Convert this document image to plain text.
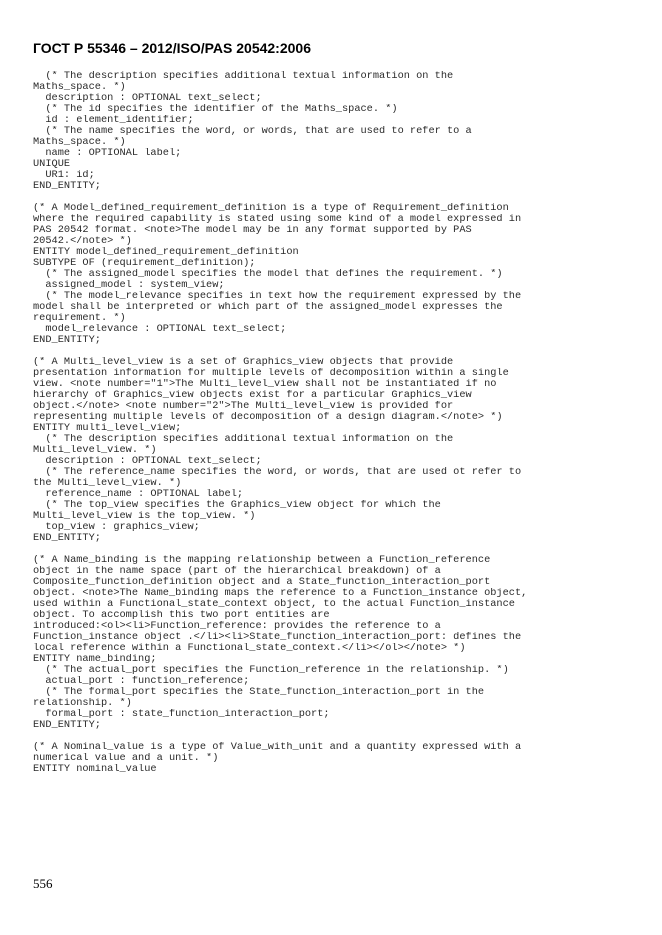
ГОСТ Р 55346 – 2012/ISO/PAS 20542:2006
(* The description specifies additional textual information on the
Maths_space. *)
description : OPTIONAL text_select;
(* The id specifies the identifier of the Maths_space. *)
id : element_identifier;
(* The name specifies the word, or words, that are used to refer to a
Maths_space. *)
name : OPTIONAL label;
UNIQUE
UR1: id;
END_ENTITY;
(* A Model_defined_requirement_definition is a type of Requirement_definition
where the required capability is stated using some kind of a model expressed in
PAS 20542 format. <note>The model may be in any format supported by PAS
20542.</note> *)
ENTITY model_defined_requirement_definition
SUBTYPE OF (requirement_definition);
(* The assigned_model specifies the model that defines the requirement. *)
assigned_model : system_view;
(* The model_relevance specifies in text how the requirement expressed by the
model shall be interpreted or which part of the assigned_model expresses the
requirement. *)
model_relevance : OPTIONAL text_select;
END_ENTITY;
(* A Multi_level_view is a set of Graphics_view objects that provide
presentation information for multiple levels of decomposition within a single
view. <note number="1">The Multi_level_view shall not be instantiated if no
hierarchy of Graphics_view objects exist for a particular Graphics_view
object.</note> <note number="2">The Multi_level_view is provided for
representing multiple levels of decomposition of a design diagram.</note> *)
ENTITY multi_level_view;
(* The description specifies additional textual information on the
Multi_level_view. *)
description : OPTIONAL text_select;
(* The reference_name specifies the word, or words, that are used ot refer to
the Multi_level_view. *)
reference_name : OPTIONAL label;
(* The top_view specifies the Graphics_view object for which the
Multi_level_view is the top_view. *)
top_view : graphics_view;
END_ENTITY;
(* A Name_binding is the mapping relationship between a Function_reference
object in the name space (part of the hierarchical breakdown) of a
Composite_function_definition object and a State_function_interaction_port
object. <note>The Name_binding maps the reference to a Function_instance object,
used within a Functional_state_context object, to the actual Function_instance
object. To accomplish this two port entities are
introduced:<ol><li>Function_reference: provides the reference to a
Function_instance object .</li><li>State_function_interaction_port: defines the
local reference within a Functional_state_context.</li></ol></note> *)
ENTITY name_binding;
(* The actual_port specifies the Function_reference in the relationship. *)
actual_port : function_reference;
(* The formal_port specifies the State_function_interaction_port in the
relationship. *)
formal_port : state_function_interaction_port;
END_ENTITY;
(* A Nominal_value is a type of Value_with_unit and a quantity expressed with a
numerical value and a unit. *)
ENTITY nominal_value
556
